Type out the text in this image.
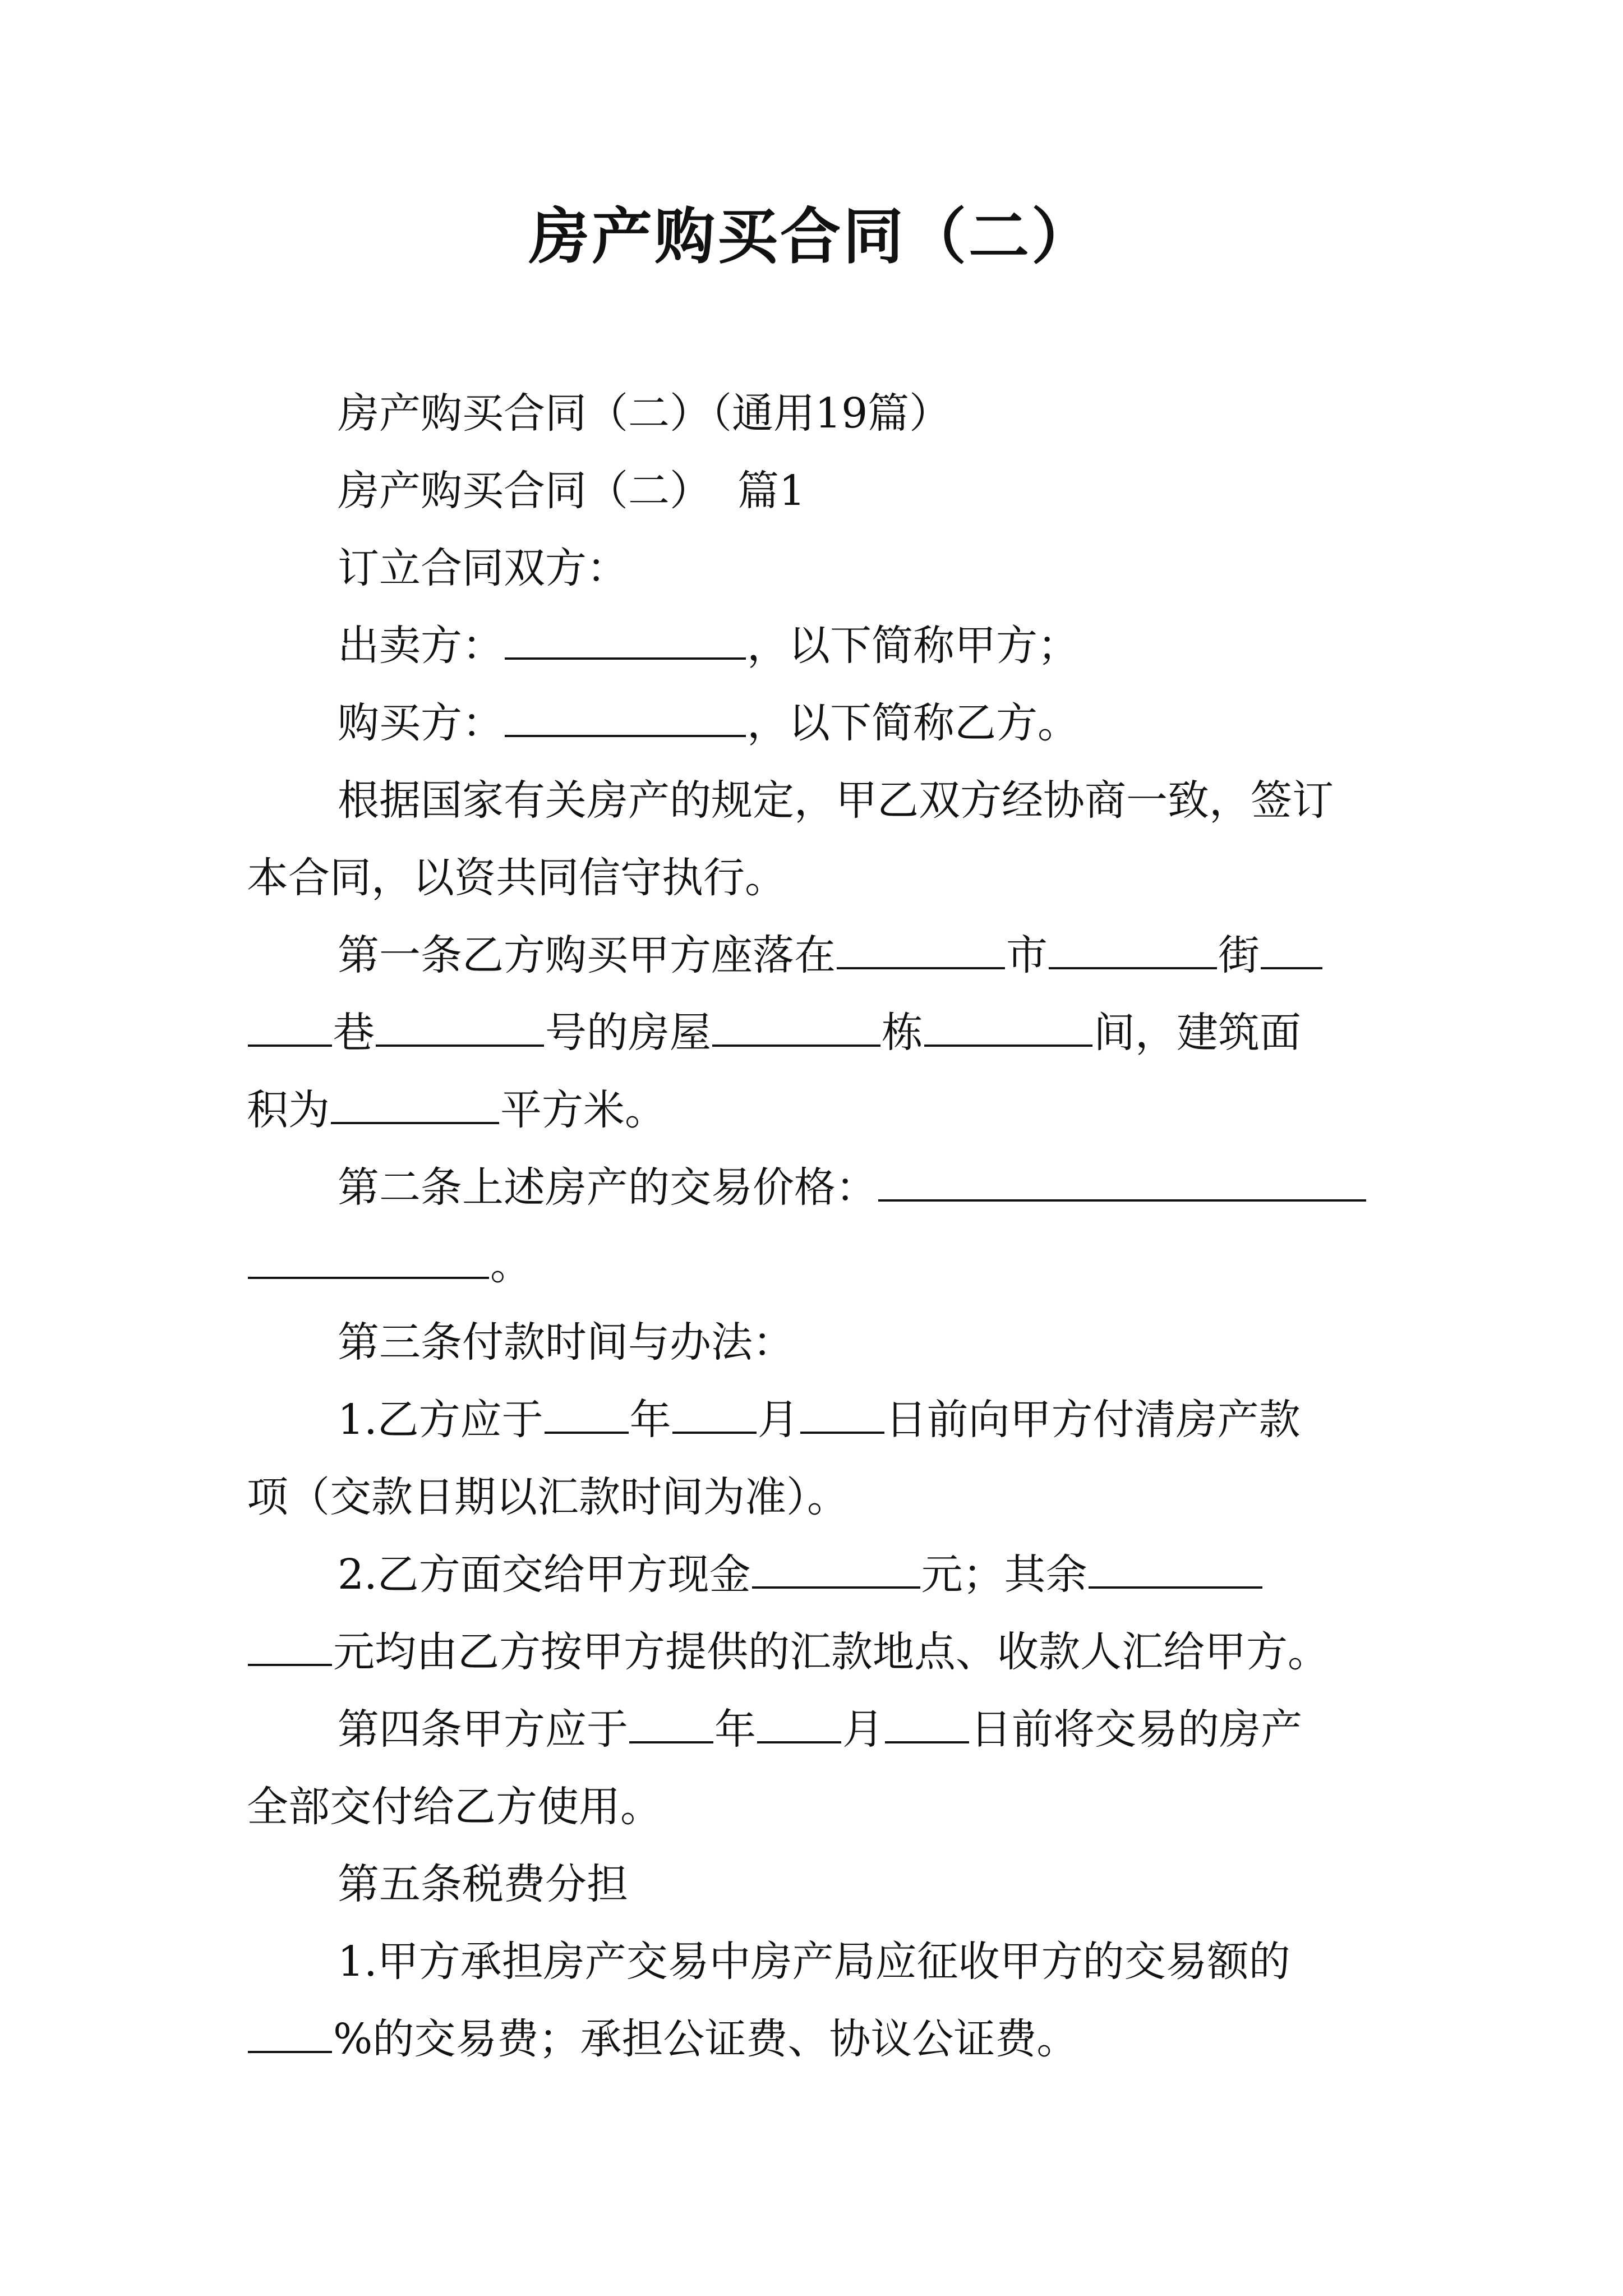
房产购买合同（二）

房产购买合同（二）（通用19篇）

房产购买合同（二）  篇1

订立合同双方：

出卖方：	，以下简称甲方；

购买方：	，以下简称乙方。

根据国家有关房产的规定，甲乙双方经协商一致，签订

本合同，以资共同信守执行。

第一条乙方购买甲方座落在	市	街

巷	号的房屋	栋	间，建筑面

积为	平方米。

第二条上述房产的交易价格：

。

第三条付款时间与办法：

1.乙方应于 年 月 日前向甲方付清房产款

项（交款日期以汇款时间为准）。

2.乙方面交给甲方现金	元；其余

元均由乙方按甲方提供的汇款地点、收款人汇给甲方。

第四条甲方应于 年 月 日前将交易的房产

全部交付给乙方使用。

第五条税费分担

1.甲方承担房产交易中房产局应征收甲方的交易额的

%的交易费；承担公证费、协议公证费。
